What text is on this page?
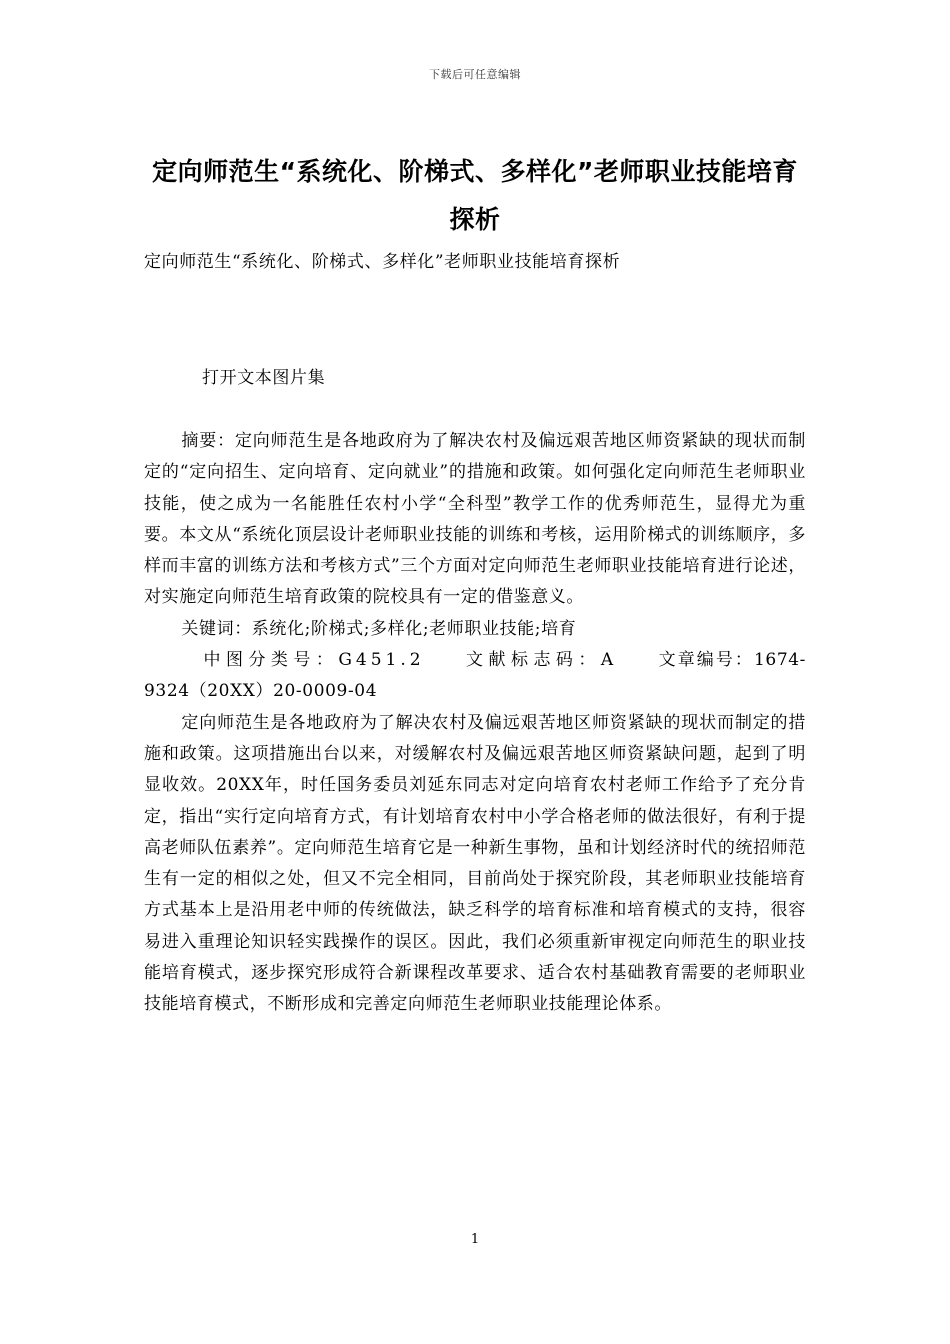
下载后可任意编辑
定向师范生“系统化、阶梯式、多样化”老师职业技能培育探析
定向师范生“系统化、阶梯式、多样化”老师职业技能培育探析
打开文本图片集

摘要：定向师范生是各地政府为了解决农村及偏远艰苦地区师资紧缺的现状而制定的“定向招生、定向培育、定向就业”的措施和政策。如何强化定向师范生老师职业技能，使之成为一名能胜任农村小学“全科型”教学工作的优秀师范生，显得尤为重要。本文从“系统化顶层设计老师职业技能的训练和考核，运用阶梯式的训练顺序，多样而丰富的训练方法和考核方式”三个方面对定向师范生老师职业技能培育进行论述，对实施定向师范生培育政策的院校具有一定的借鉴意义。

关键词：系统化;阶梯式;多样化;老师职业技能;培育

中图分类号：G451.2 文献标志码：A 文章编号：1674-9324（20XX）20-0009-04

定向师范生是各地政府为了解决农村及偏远艰苦地区师资紧缺的现状而制定的措施和政策。这项措施出台以来，对缓解农村及偏远艰苦地区师资紧缺问题，起到了明显收效。20XX年，时任国务委员刘延东同志对定向培育农村老师工作给予了充分肯定，指出“实行定向培育方式，有计划培育农村中小学合格老师的做法很好，有利于提高老师队伍素养”。定向师范生培育它是一种新生事物，虽和计划经济时代的统招师范生有一定的相似之处，但又不完全相同，目前尚处于探究阶段，其老师职业技能培育方式基本上是沿用老中师的传统做法，缺乏科学的培育标准和培育模式的支持，很容易进入重理论知识轻实践操作的误区。因此，我们必须重新审视定向师范生的职业技能培育模式，逐步探究形成符合新课程改革要求、适合农村基础教育需要的老师职业技能培育模式，不断形成和完善定向师范生老师职业技能理论体系。

1
